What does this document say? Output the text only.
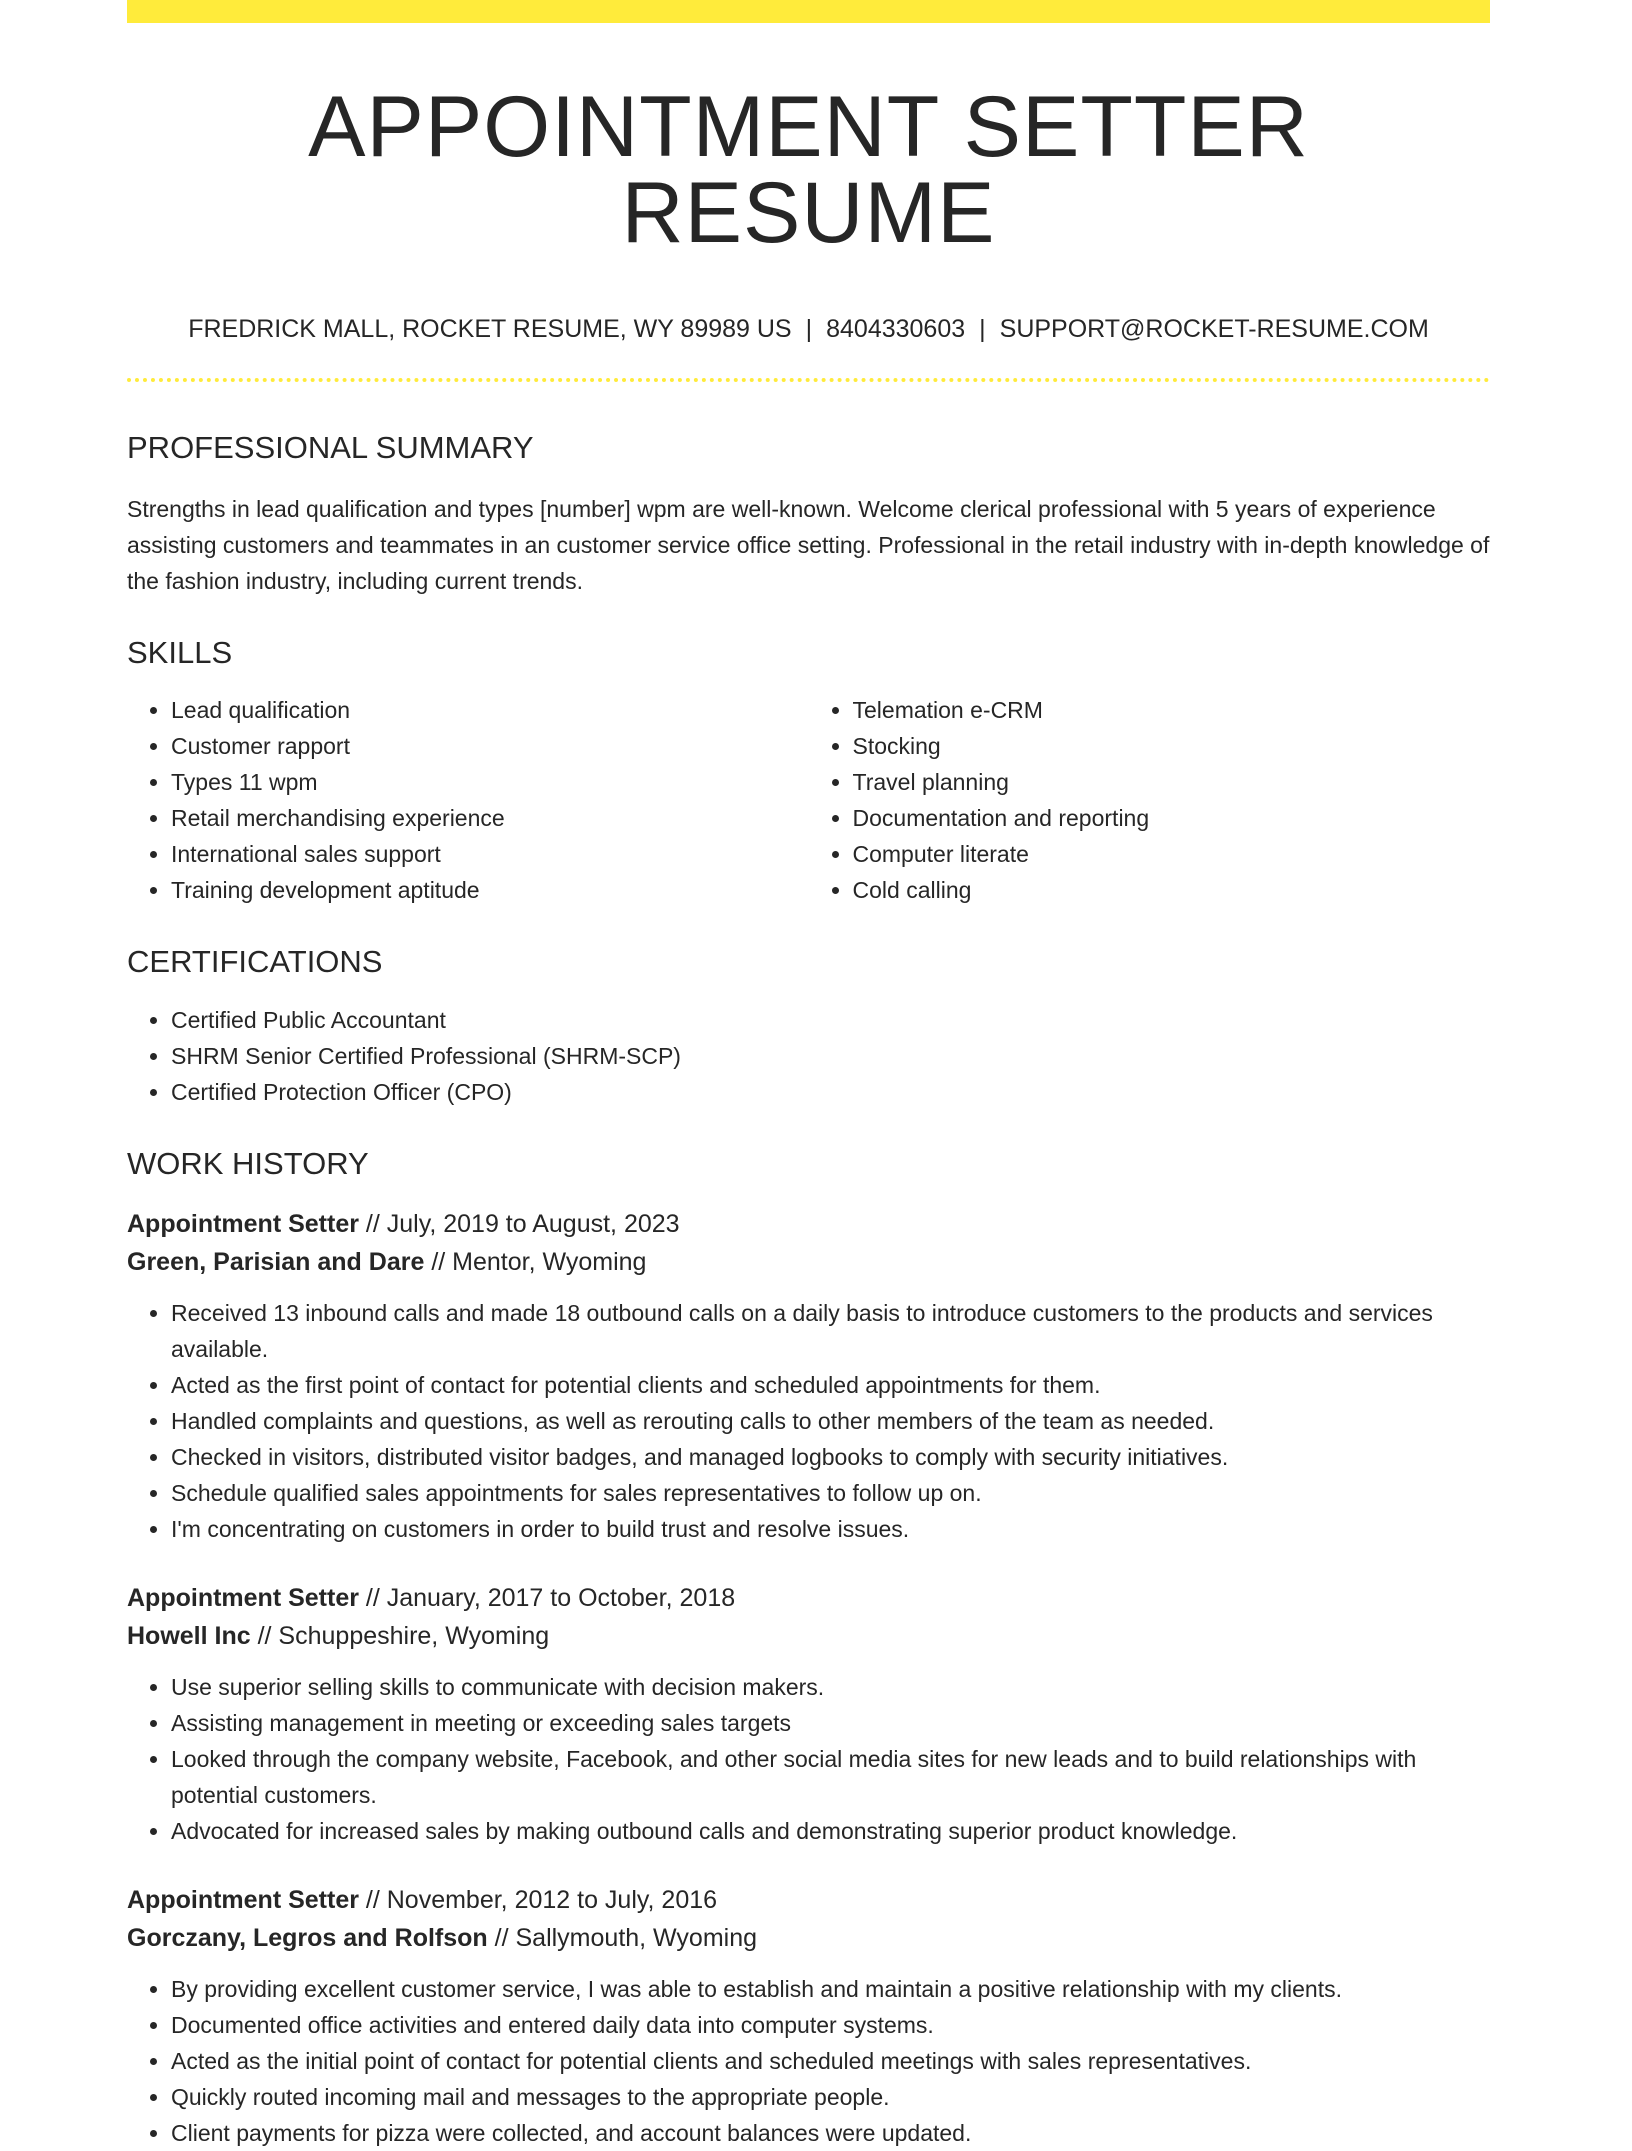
APPOINTMENT SETTER RESUME
FREDRICK MALL, ROCKET RESUME, WY 89989 US | 8404330603 | SUPPORT@ROCKET-RESUME.COM
PROFESSIONAL SUMMARY

Strengths in lead qualification and types [number] wpm are well-known. Welcome clerical professional with 5 years of experience assisting customers and teammates in an customer service office setting. Professional in the retail industry with in-depth knowledge of the fashion industry, including current trends.

SKILLS
• Lead qualification
• Customer rapport
• Types 11 wpm
• Retail merchandising experience
• International sales support
• Training development aptitude
• Telemation e-CRM
• Stocking
• Travel planning
• Documentation and reporting
• Computer literate
• Cold calling
CERTIFICATIONS
• Certified Public Accountant
• SHRM Senior Certified Professional (SHRM-SCP)
• Certified Protection Officer (CPO)
WORK HISTORY
Appointment Setter // July, 2019 to August, 2023
Green, Parisian and Dare // Mentor, Wyoming
• Received 13 inbound calls and made 18 outbound calls on a daily basis to introduce customers to the products and services available.
• Acted as the first point of contact for potential clients and scheduled appointments for them.
• Handled complaints and questions, as well as rerouting calls to other members of the team as needed.
• Checked in visitors, distributed visitor badges, and managed logbooks to comply with security initiatives.
• Schedule qualified sales appointments for sales representatives to follow up on.
• I'm concentrating on customers in order to build trust and resolve issues.
Appointment Setter // January, 2017 to October, 2018
Howell Inc // Schuppeshire, Wyoming
• Use superior selling skills to communicate with decision makers.
• Assisting management in meeting or exceeding sales targets
• Looked through the company website, Facebook, and other social media sites for new leads and to build relationships with potential customers.
• Advocated for increased sales by making outbound calls and demonstrating superior product knowledge.
Appointment Setter // November, 2012 to July, 2016
Gorczany, Legros and Rolfson // Sallymouth, Wyoming
• By providing excellent customer service, I was able to establish and maintain a positive relationship with my clients.
• Documented office activities and entered daily data into computer systems.
• Acted as the initial point of contact for potential clients and scheduled meetings with sales representatives.
• Quickly routed incoming mail and messages to the appropriate people.
• Client payments for pizza were collected, and account balances were updated.
